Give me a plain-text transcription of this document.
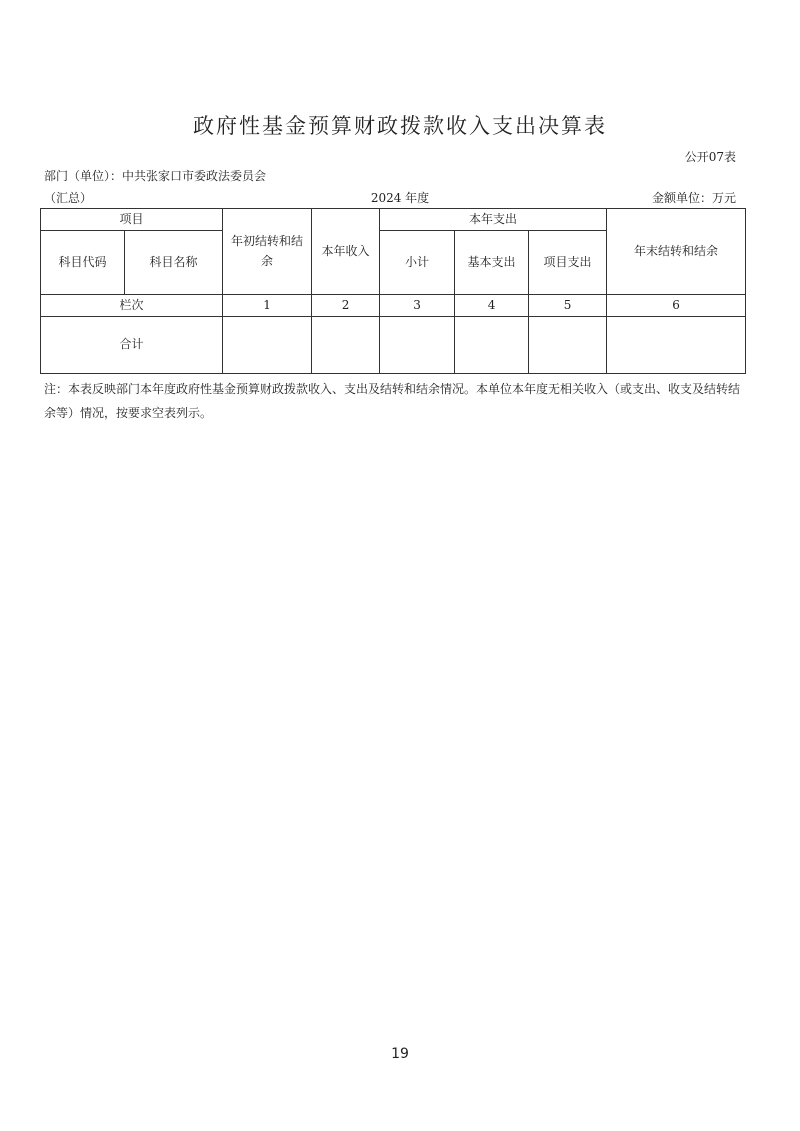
政府性基金预算财政拨款收入支出决算表
公开07表
部门（单位）：中共张家口市委政法委员会
（汇总）	2024 年度	金额单位：万元
项目		年初结转和结余	本年收入	本年支出			年末结转和结余
科目代码	科目名称			小计	基本支出	项目支出	
栏次		1	2	3	4	5	6
合计							
注：本表反映部门本年度政府性基金预算财政拨款收入、支出及结转和结余情况。本单位本年度无相关收入（或支出、收支及结转结余等）情况，按要求空表列示。
19
